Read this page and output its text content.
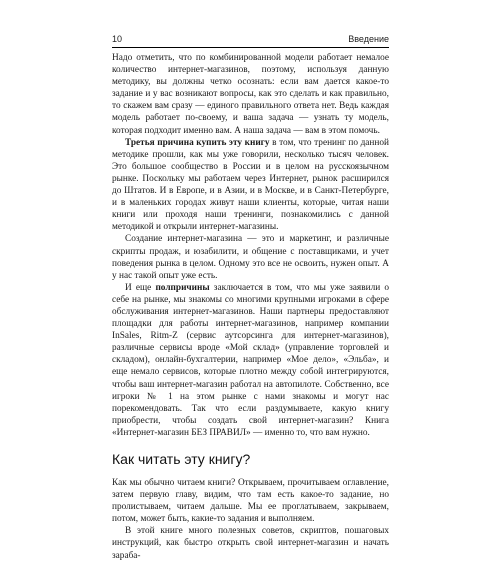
10	Введение

Надо отметить, что по комбинированной модели работает немалое количество интернет-магазинов, поэтому, используя данную методику, вы должны четко осознать: если вам дается какое-то задание и у вас возникают вопросы, как это сделать и как правильно, то скажем вам сразу — единого правильного ответа нет. Ведь каждая модель работает по-своему, и ваша задача — узнать ту модель, которая подходит именно вам. А наша задача — вам в этом помочь.

Третья причина купить эту книгу в том, что тренинг по данной методике прошли, как мы уже говорили, несколько тысяч человек. Это большое сообщество в России и в целом на русскоязычном рынке. Поскольку мы работаем через Интернет, рынок расширился до Штатов. И в Европе, и в Азии, и в Москве, и в Санкт-Петербурге, и в маленьких городах живут наши клиенты, которые, читая наши книги или проходя наши тренинги, познакомились с данной методикой и открыли интернет-магазины.

Создание интернет-магазина — это и маркетинг, и различные скрипты продаж, и юзабилити, и общение с поставщиками, и учет поведения рынка в целом. Одному это все не освоить, нужен опыт. А у нас такой опыт уже есть.

И еще полпричины заключается в том, что мы уже заявили о себе на рынке, мы знакомы со многими крупными игроками в сфере обслуживания интернет-магазинов. Наши партнеры предоставляют площадки для работы интернет-магазинов, например компании InSales, Ritm-Z (сервис аутсорсинга для интернет-магазинов), различные сервисы вроде «Мой склад» (управление торговлей и складом), онлайн-бухгалтерии, например «Мое дело», «Эльба», и еще немало сервисов, которые плотно между собой интегрируются, чтобы ваш интернет-магазин работал на автопилоте. Собственно, все игроки № 1 на этом рынке с нами знакомы и могут нас порекомендовать. Так что если раздумываете, какую книгу приобрести, чтобы создать свой интернет-магазин? Книга «Интернет-магазин БЕЗ ПРАВИЛ» — именно то, что вам нужно.

Как читать эту книгу?

Как мы обычно читаем книги? Открываем, прочитываем оглавление, затем первую главу, видим, что там есть какое-то задание, но пролистываем, читаем дальше. Мы ее проглатываем, закрываем, потом, может быть, какие-то задания и выполняем.

В этой книге много полезных советов, скриптов, пошаговых инструкций, как быстро открыть свой интернет-магазин и начать зараба-
